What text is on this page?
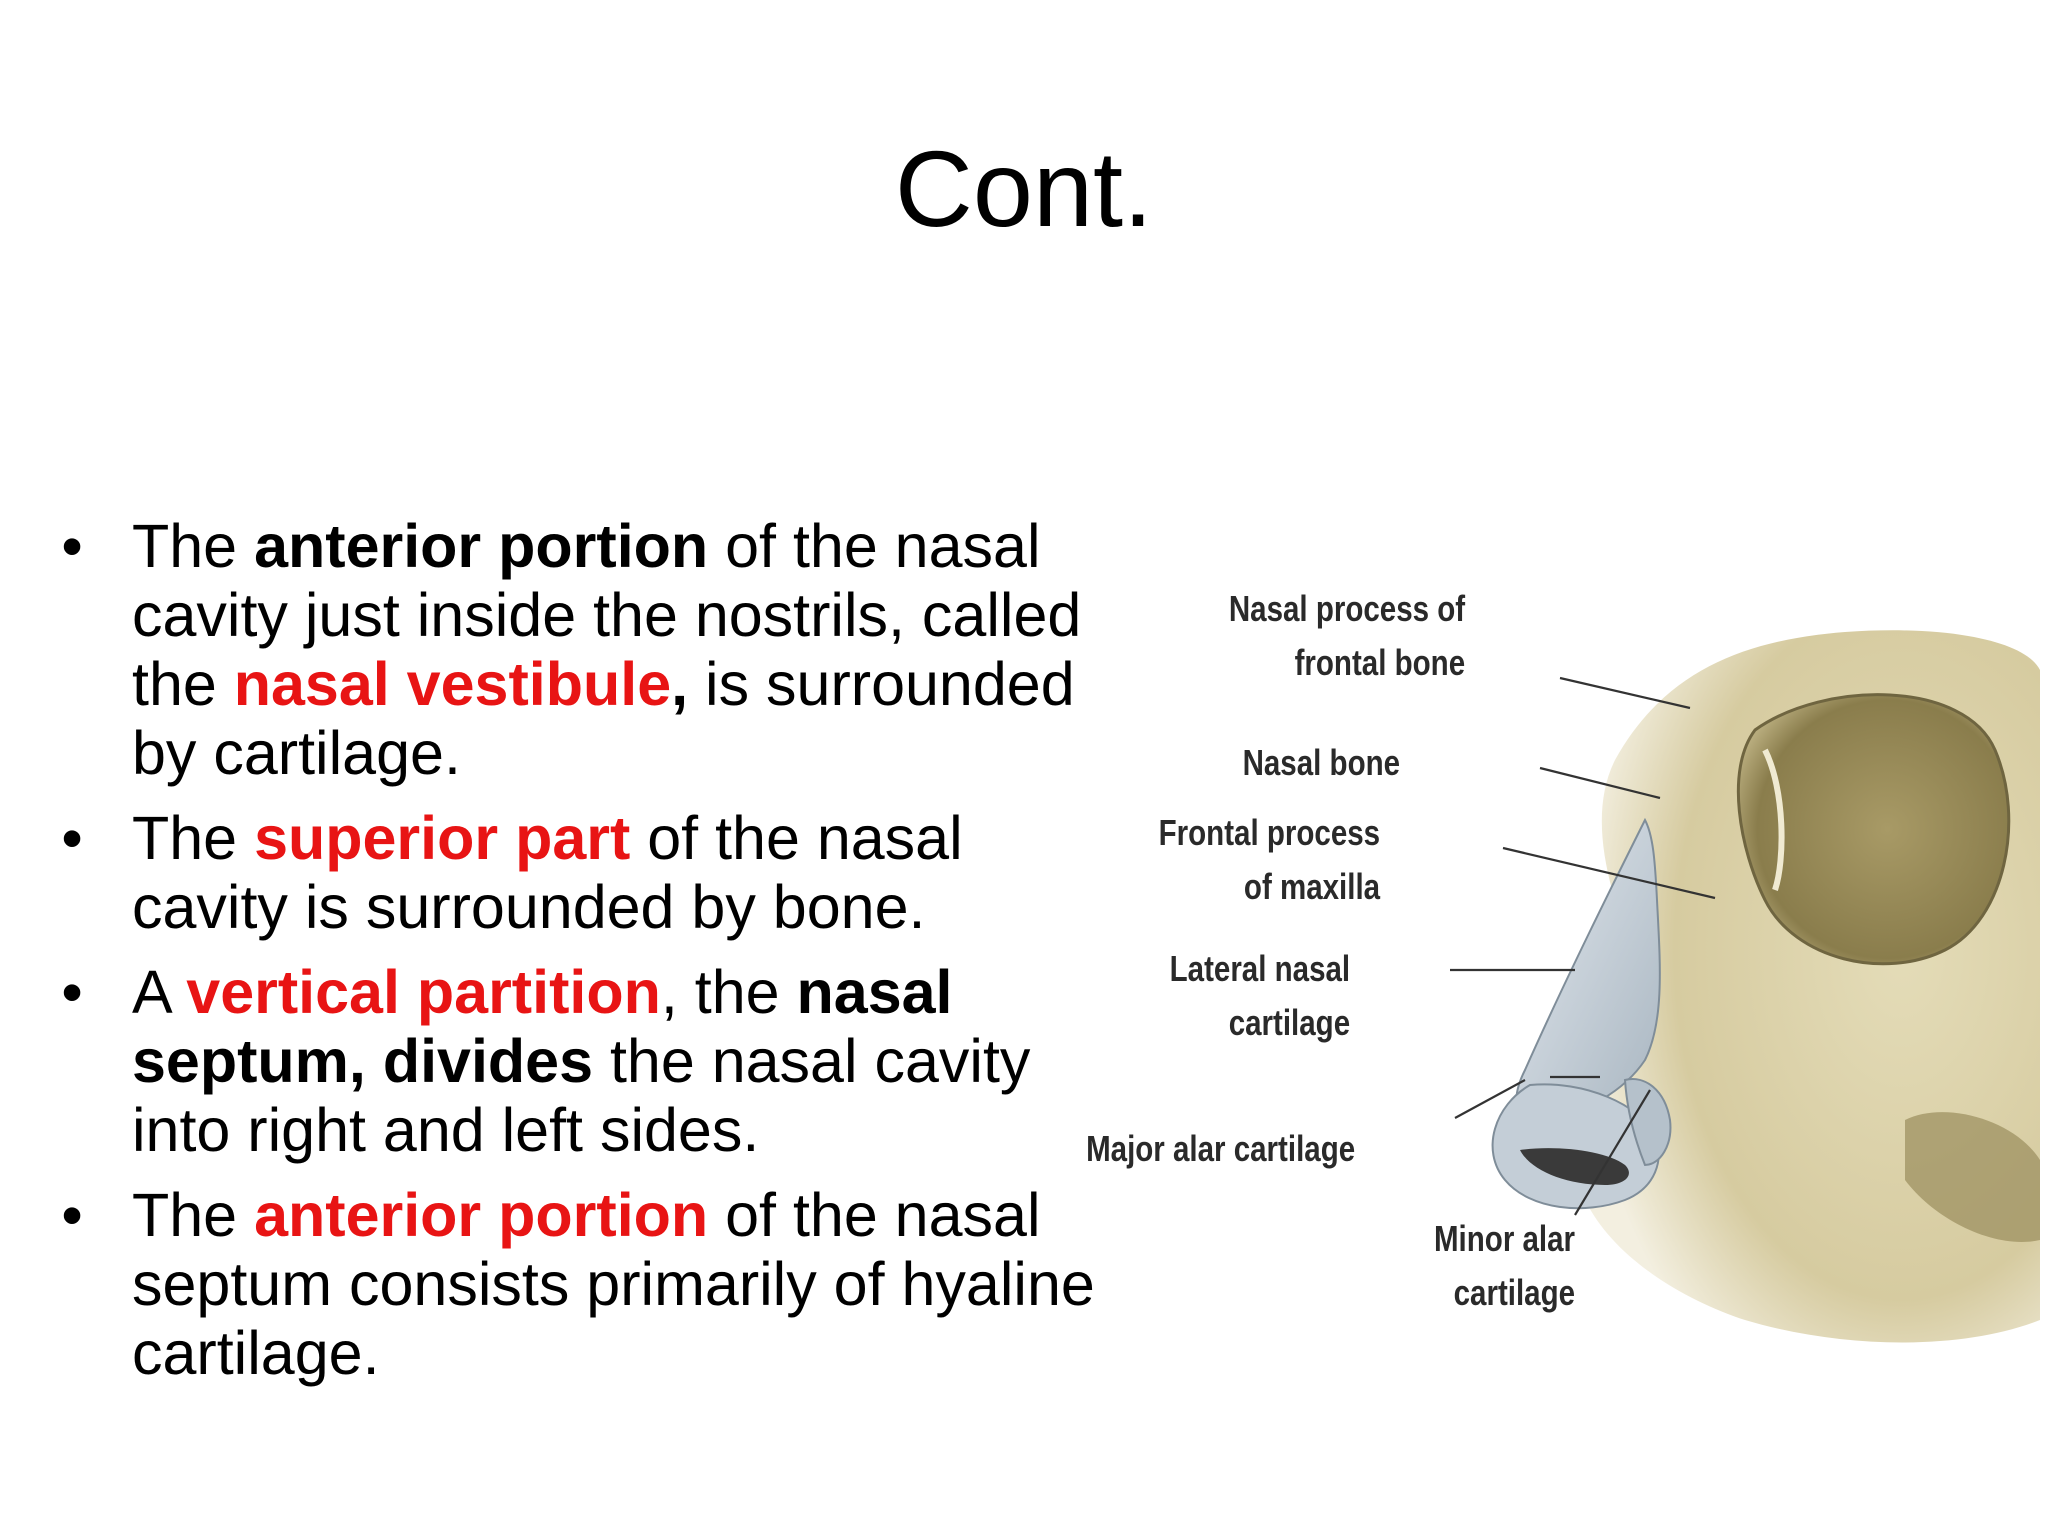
Cont.
• The anterior portion of the nasal cavity just inside the nostrils, called the nasal vestibule, is surrounded by cartilage.
• The superior part of the nasal cavity is surrounded by bone.
• A vertical partition, the nasal septum, divides the nasal cavity into right and left sides.
• The anterior portion of the nasal septum consists primarily of hyaline cartilage.
Nasal process of
frontal bone
Nasal bone
Frontal process
of maxilla
Lateral nasal
cartilage
Major alar cartilage
Minor alar
cartilage
